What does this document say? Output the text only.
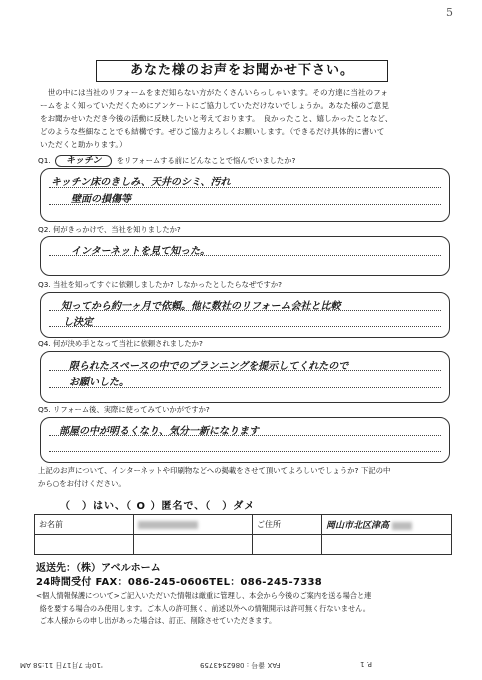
5
あなた様のお声をお聞かせ下さい。
世の中には当社のリフォームをまだ知らない方がたくさんいらっしゃいます。その方達に当社のフォ
ームをよく知っていただくためにアンケートにご協力していただけないでしょうか。あなた様のご意見
をお聞かせいただき今後の活動に反映したいと考えております。　良かったこと、嬉しかったことなど、
どのような些細なことでも結構です。ぜひご協力よろしくお願いします。（できるだけ具体的に書いて
いただくと助かります。）
Q1. キッチン をリフォームする前にどんなことで悩んでいましたか?
キッチン床のきしみ、天井のシミ、汚れ
壁面の損傷等
Q2. 何がきっかけで、当社を知りましたか?
インターネットを見て知った。
Q3. 当社を知ってすぐに依頼しましたか? しなかったとしたらなぜですか?
知ってから約一ヶ月で依頼。他に数社のリフォーム会社と比較
し決定
Q4. 何が決め手となって当社に依頼されましたか?
限られたスペースの中でのプランニングを提示してくれたので
お願いした。
Q5. リフォーム後、実際に使ってみていかがですか?
部屋の中が明るくなり、気分一新になります
上記のお声について、インターネットや印刷物などへの掲載をさせて頂いてよろしいでしょうか? 下記の中
から○をお付けください。
（　）はい、（ O ）匿名で、（　）ダメ
お名前		ご住所	岡山市北区津高

返送先：（株）アベルホーム
24時間受付 FAX：086-245-0606TEL：086-245-7338
<個人情報保護について>ご記入いただいた情報は厳重に管理し、本会から今後のご案内を送る場合と連
絡を要する場合のみ使用します。ご本人の許可無く、前述以外への情報開示は許可無く行ないません。
ご本人様からの申し出があった場合は、訂正、削除させていただきます。
P. 1
FAX 番号 : 0862543759
'10年 7月17日 11:58 AM
